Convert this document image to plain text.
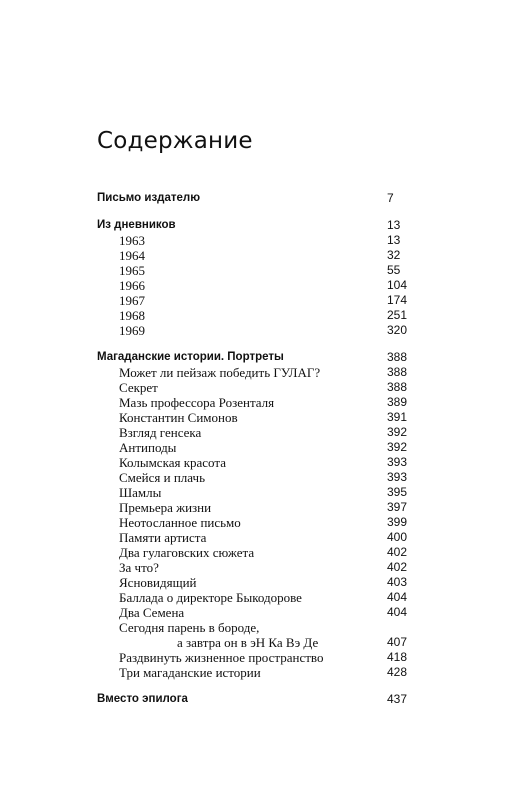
Содержание
Письмо издателю	7
Из дневников	13
1963	13
1964	32
1965	55
1966	104
1967	174
1968	251
1969	320
Магаданские истории. Портреты	388
Может ли пейзаж победить ГУЛАГ?	388
Секрет	388
Мазь профессора Розенталя	389
Константин Симонов	391
Взгляд генсека	392
Антиподы	392
Колымская красота	393
Смейся и плачь	393
Шамлы	395
Премьера жизни	397
Неотосланное письмо	399
Памяти артиста	400
Два гулаговских сюжета	402
За что?	402
Ясновидящий	403
Баллада о директоре Быкодорове	404
Два Семена	404
Сегодня парень в бороде,
а завтра он в эН Ка Вэ Де	407
Раздвинуть жизненное пространство	418
Три магаданские истории	428
Вместо эпилога	437
